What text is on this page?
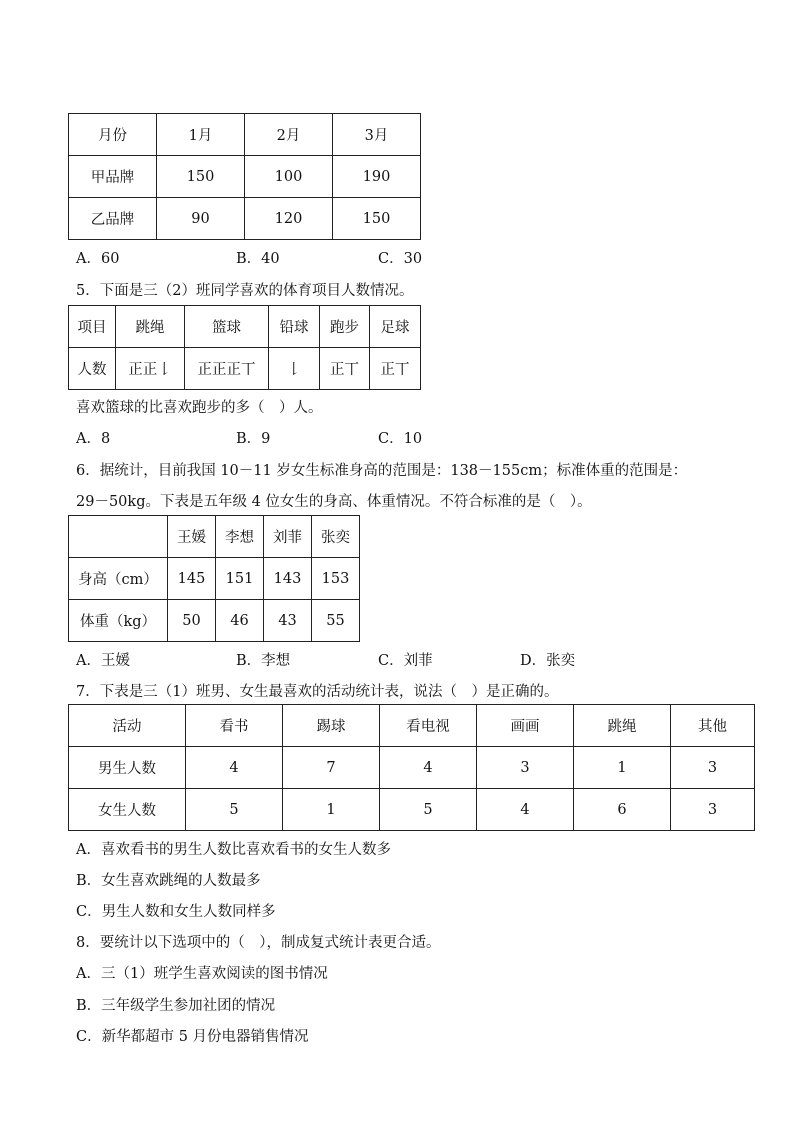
月份	1月	2月	3月
甲品牌	150	100	190
乙品牌	90	120	150
A．60	B．40	C．30
5．下面是三（2）班同学喜欢的体育项目人数情况。
项目	跳绳	篮球	铅球	跑步	足球
人数	正正𠄌	正正正丅	𠄌	正丅	正丅
喜欢篮球的比喜欢跑步的多（　）人。
A．8	B．9	C．10
6．据统计，目前我国 10－11 岁女生标准身高的范围是：138－155cm；标准体重的范围是：
29－50kg。下表是五年级 4 位女生的身高、体重情况。不符合标准的是（　）。
	王媛	李想	刘菲	张奕
身高（cm）	145	151	143	153
体重（kg）	50	46	43	55
A．王媛	B．李想	C．刘菲	D．张奕
7．下表是三（1）班男、女生最喜欢的活动统计表，说法（　）是正确的。
活动	看书	踢球	看电视	画画	跳绳	其他
男生人数	4	7	4	3	1	3
女生人数	5	1	5	4	6	3
A．喜欢看书的男生人数比喜欢看书的女生人数多
B．女生喜欢跳绳的人数最多
C．男生人数和女生人数同样多
8．要统计以下选项中的（　），制成复式统计表更合适。
A．三（1）班学生喜欢阅读的图书情况
B．三年级学生参加社团的情况
C．新华都超市 5 月份电器销售情况
